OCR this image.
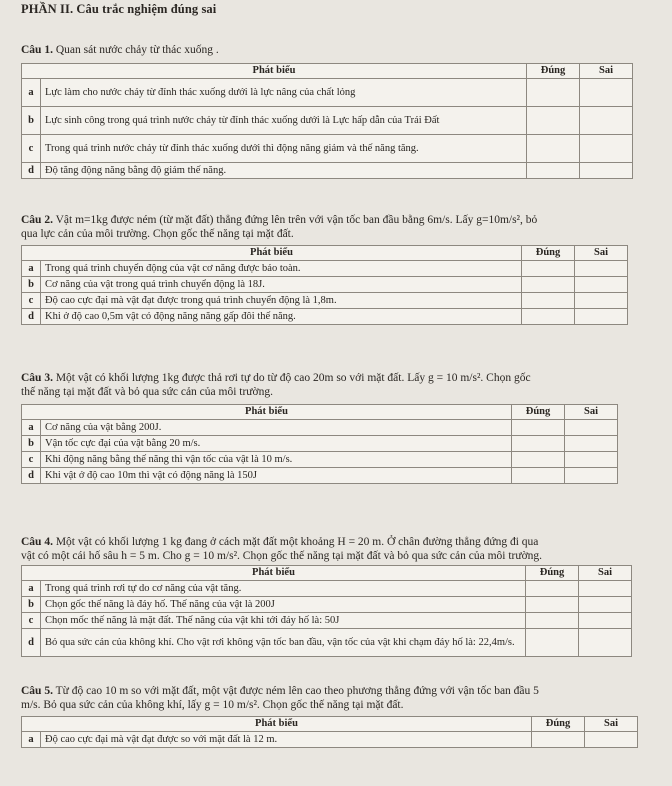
PHẦN II. Câu trắc nghiệm đúng sai
Câu 1. Quan sát nước chảy từ thác xuống .
Phát biểu		Đúng	Sai
a	Lực làm cho nước chảy từ đỉnh thác xuống dưới là lực nâng của chất lỏng		
b	Lực sinh công trong quá trình nước chảy từ đỉnh thác xuống dưới là Lực hấp dẫn của Trái Đất		
c	Trong quá trình nước chảy từ đỉnh thác xuống dưới thì động năng giảm và thế năng tăng.		
d	Độ tăng động năng bằng độ giảm thế năng.		
Câu 2. Vật m=1kg được ném (từ mặt đất) thẳng đứng lên trên với vận tốc ban đầu bằng 6m/s. Lấy g=10m/s², bỏ
qua lực cản của môi trường. Chọn gốc thế năng tại mặt đất.
Phát biểu		Đúng	Sai
a	Trong quá trình chuyển động của vật cơ năng được bảo toàn.		
b	Cơ năng của vật trong quá trình chuyển động là 18J.		
c	Độ cao cực đại mà vật đạt được trong quá trình chuyển động là 1,8m.		
d	Khi ở độ cao 0,5m vật có động năng năng gấp đôi thế năng.		
Câu 3. Một vật có khối lượng 1kg được thả rơi tự do từ độ cao 20m so với mặt đất. Lấy g = 10 m/s². Chọn gốc
thế năng tại mặt đất và bỏ qua sức cản của môi trường.
Phát biểu		Đúng	Sai
a	Cơ năng của vật bằng 200J.		
b	Vận tốc cực đại của vật bằng 20 m/s.		
c	Khi động năng bằng thế năng thì vận tốc của vật là 10 m/s.		
d	Khi vật ở độ cao 10m thì vật có động năng là 150J		
Câu 4. Một vật có khối lượng 1 kg đang ở cách mặt đất một khoảng H = 20 m. Ở chân đường thẳng đứng đi qua
vật có một cái hố sâu h = 5 m. Cho g = 10 m/s². Chọn gốc thế năng tại mặt đất và bỏ qua sức cản của môi trường.
Phát biểu		Đúng	Sai
a	Trong quá trình rơi tự do cơ năng của vật tăng.		
b	Chọn gốc thế năng là đáy hố. Thế năng của vật là 200J		
c	Chọn mốc thế năng là mặt đất. Thế năng của vật khi tới đáy hố là: 50J		
d	Bỏ qua sức cản của không khí. Cho vật rơi không vận tốc ban đầu, vận tốc của vật khi chạm đáy hố là: 22,4m/s.		
Câu 5. Từ độ cao 10 m so với mặt đất, một vật được ném lên cao theo phương thẳng đứng với vận tốc ban đầu 5
m/s. Bỏ qua sức cản của không khí, lấy g = 10 m/s². Chọn gốc thế năng tại mặt đất.
Phát biểu		Đúng	Sai
a	Độ cao cực đại mà vật đạt được so với mặt đất là 12 m.		
